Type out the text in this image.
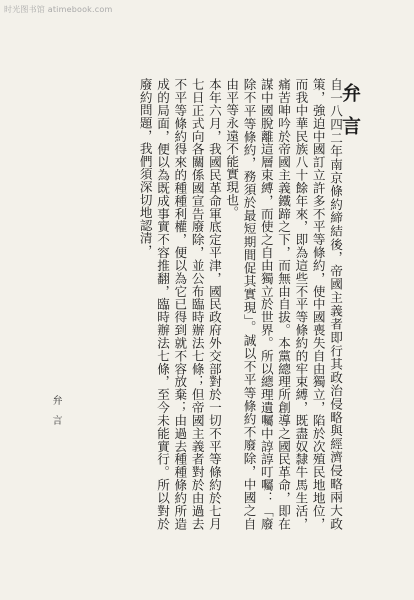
时光图书馆 atimebook.com
弁言

自一八四二年南京條約締結後，帝國主義者即行其政治侵略與經濟侵略兩大政策，強迫中國訂立許多不平等條約，使中國喪失自由獨立，陷於次殖民地地位，而我中華民族八十餘年來，即為這些不平等條約的牢束縛，既盡奴隸牛馬生活，痛苦呻吟於帝國主義鐵蹄之下，而無由自拔。本黨總理所創導之國民革命，即在謀中國脫離這層束縛，而使之自由獨立於世界。所以總理遺囑中諄諄叮囑：「廢除不平等條約，務須於最短期間促其實現」。誠以不平等條約不廢除，中國之自由平等永遠不能實現也。

本年六月，我國民革命軍底定平津，國民政府外交部對於一切不平等條約於七月七日正式向各關係國宣告廢除，並公布臨時辦法七條；但帝國主義者對於由過去不平等條約得來的種種利權，便以為它已得到就不容放棄；由過去種種條約所造成的局面，便以為既成事實不容推翻，臨時辦法七條，至今未能實行。所以對於廢約問題，我們須深切地認清，

弁言
